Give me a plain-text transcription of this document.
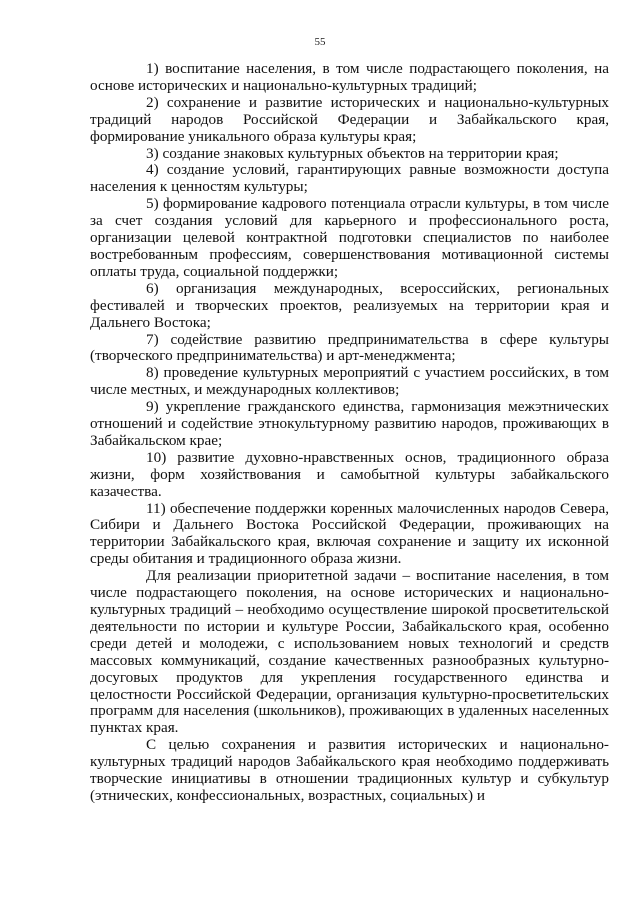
55

1) воспитание населения, в том числе подрастающего поколения, на основе исторических и национально-культурных традиций;

2) сохранение и развитие исторических и национально-культурных традиций народов Российской Федерации и Забайкальского края, формирование уникального образа культуры края;

3) создание знаковых культурных объектов на территории края;

4) создание условий, гарантирующих равные возможности доступа населения к ценностям культуры;

5) формирование кадрового потенциала отрасли культуры, в том числе за счет создания условий для карьерного и профессионального роста, организации целевой контрактной подготовки специалистов по наиболее востребованным профессиям, совершенствования мотивационной системы оплаты труда, социальной поддержки;

6) организация международных, всероссийских, региональных фестивалей и творческих проектов, реализуемых на территории края и Дальнего Востока;

7) содействие развитию предпринимательства в сфере культуры (творческого предпринимательства) и арт-менеджмента;

8) проведение культурных мероприятий с участием российских, в том числе местных, и международных коллективов;

9) укрепление гражданского единства, гармонизация межэтнических отношений и содействие этнокультурному развитию народов, проживающих в Забайкальском крае;

10) развитие духовно-нравственных основ, традиционного образа жизни, форм хозяйствования и самобытной культуры забайкальского казачества.

11) обеспечение поддержки коренных малочисленных народов Севера, Сибири и Дальнего Востока Российской Федерации, проживающих на территории Забайкальского края, включая сохранение и защиту их исконной среды обитания и традиционного образа жизни.

Для реализации приоритетной задачи – воспитание населения, в том числе подрастающего поколения, на основе исторических и национально-культурных традиций – необходимо осуществление широкой просветительской деятельности по истории и культуре России, Забайкальского края, особенно среди детей и молодежи, с использованием новых технологий и средств массовых коммуникаций, создание качественных разнообразных культурно-досуговых продуктов для укрепления государственного единства и целостности Российской Федерации, организация культурно-просветительских программ для населения (школьников), проживающих в удаленных населенных пунктах края.

С целью сохранения и развития исторических и национально-культурных традиций народов Забайкальского края необходимо поддерживать творческие инициативы в отношении традиционных культур и субкультур (этнических, конфессиональных, возрастных, социальных) и
